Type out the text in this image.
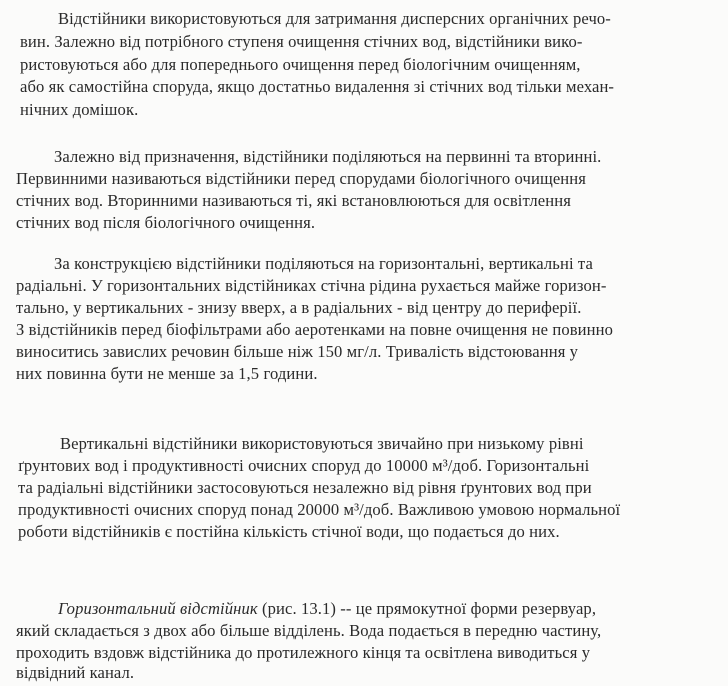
Відстійники використовуються для затримання дисперсних органічних речо-
вин. Залежно від потрібного ступеня очищення стічних вод, відстійники вико-
ристовуються або для попереднього очищення перед біологічним очищенням,
або як самостійна споруда, якщо достатньо видалення зі стічних вод тільки механ-
нічних домішок.
Залежно від призначення, відстійники поділяються на первинні та вторинні.
Первинними називаються відстійники перед спорудами біологічного очищення
стічних вод. Вторинними називаються ті, які встановлюються для освітлення
стічних вод після біологічного очищення.
За конструкцією відстійники поділяються на горизонтальні, вертикальні та
радіальні. У горизонтальних відстійниках стічна рідина рухається майже горизон-
тально, у вертикальних - знизу вверх, а в радіальних - від центру до периферії.
З відстійників перед біофільтрами або аеротенками на повне очищення не повинно
виноситись завислих речовин більше ніж 150 мг/л. Тривалість відстоювання у
них повинна бути не менше за 1,5 години.
Вертикальні відстійники використовуються звичайно при низькому рівні
ґрунтових вод і продуктивності очисних споруд до 10000 м³/доб. Горизонтальні
та радіальні відстійники застосовуються незалежно від рівня ґрунтових вод при
продуктивності очисних споруд понад 20000 м³/доб. Важливою умовою нормальної
роботи відстійників є постійна кількість стічної води, що подається до них.
Горизонтальний відстійник (рис. 13.1) -- це прямокутної форми резервуар,
який складається з двох або більше відділень. Вода подається в передню частину,
проходить вздовж відстійника до протилежного кінця та освітлена виводиться у
відвідний канал.
